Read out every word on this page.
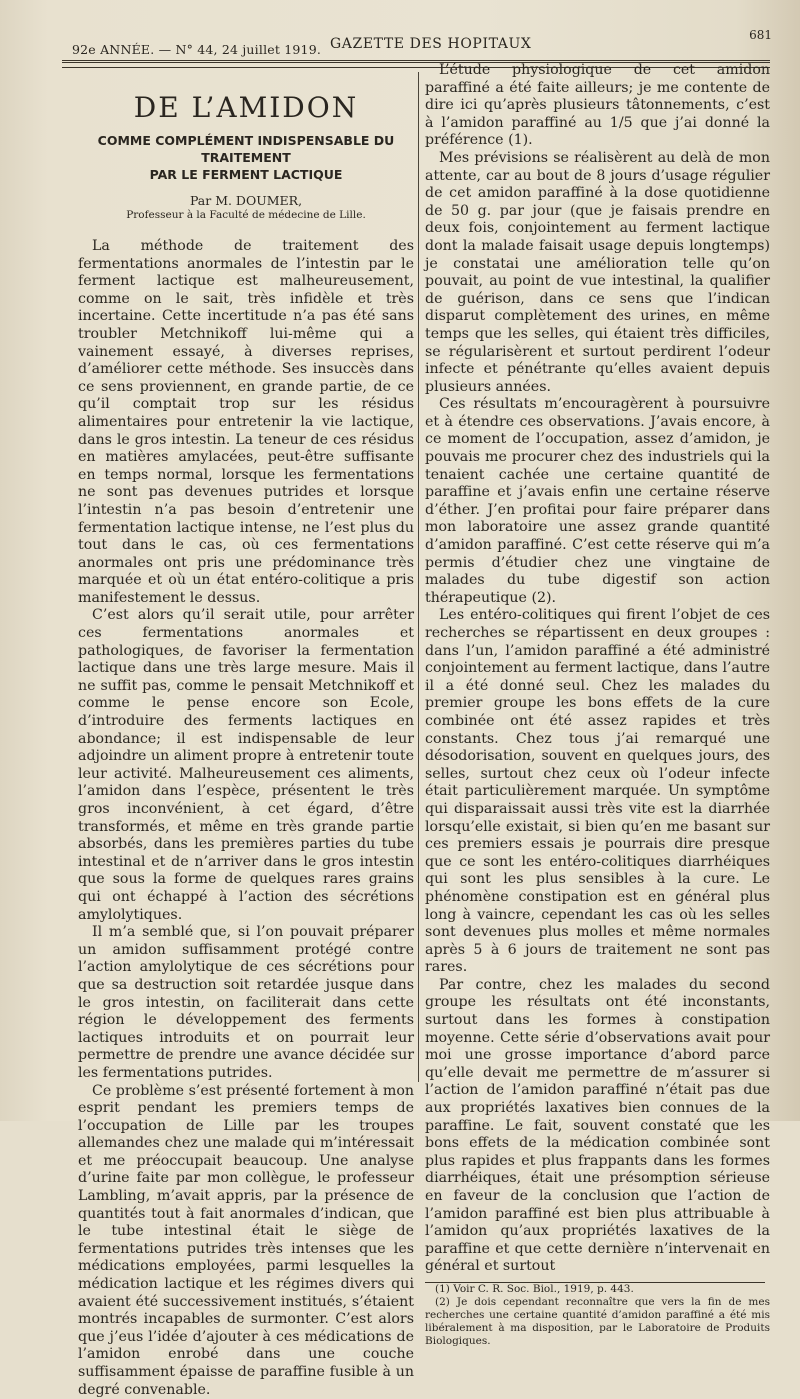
92e ANNÉE. — N° 44, 24 juillet 1919. GAZETTE DES HOPITAUX
681
DE L’AMIDON
COMME COMPLÉMENT INDISPENSABLE DU TRAITEMENT
PAR LE FERMENT LACTIQUE
Par M. DOUMER,
Professeur à la Faculté de médecine de Lille.

La méthode de traitement des fermentations anormales de l’intestin par le ferment lactique est malheureusement, comme on le sait, très infidèle et très incertaine. Cette incertitude n’a pas été sans troubler Metchnikoff lui-même qui a vainement essayé, à diverses reprises, d’améliorer cette méthode. Ses insuccès dans ce sens proviennent, en grande partie, de ce qu’il comptait trop sur les résidus alimentaires pour entretenir la vie lactique, dans le gros intestin. La teneur de ces résidus en matières amylacées, peut-être suffisante en temps normal, lorsque les fermentations ne sont pas devenues putrides et lorsque l’intestin n’a pas besoin d’entretenir une fermentation lactique intense, ne l’est plus du tout dans le cas, où ces fermentations anormales ont pris une prédominance très marquée et où un état entéro-colitique a pris manifestement le dessus.

C’est alors qu’il serait utile, pour arrêter ces fermentations anormales et pathologiques, de favoriser la fermentation lactique dans une très large mesure. Mais il ne suffit pas, comme le pensait Metchnikoff et comme le pense encore son Ecole, d’introduire des ferments lactiques en abondance; il est indispensable de leur adjoindre un aliment propre à entretenir toute leur activité. Malheureusement ces aliments, l’amidon dans l’espèce, présentent le très gros inconvénient, à cet égard, d’être transformés, et même en très grande partie absorbés, dans les premières parties du tube intestinal et de n’arriver dans le gros intestin que sous la forme de quelques rares grains qui ont échappé à l’action des sécrétions amylolytiques.

Il m’a semblé que, si l’on pouvait préparer un amidon suffisamment protégé contre l’action amylolytique de ces sécrétions pour que sa destruction soit retardée jusque dans le gros intestin, on faciliterait dans cette région le développement des ferments lactiques introduits et on pourrait leur permettre de prendre une avance décidée sur les fermentations putrides.

Ce problème s’est présenté fortement à mon esprit pendant les premiers temps de l’occupation de Lille par les troupes allemandes chez une malade qui m’intéressait et me préoccupait beaucoup. Une analyse d’urine faite par mon collègue, le professeur Lambling, m’avait appris, par la présence de quantités tout à fait anormales d’indican, que le tube intestinal était le siège de fermentations putrides très intenses que les médications employées, parmi lesquelles la médication lactique et les régimes divers qui avaient été successivement institués, s’étaient montrés incapables de surmonter. C’est alors que j’eus l’idée d’ajouter à ces médications de l’amidon enrobé dans une couche suffisamment épaisse de paraffine fusible à un degré convenable.

L’étude physiologique de cet amidon paraffiné a été faite ailleurs; je me contente de dire ici qu’après plusieurs tâtonnements, c’est à l’amidon paraffiné au 1/5 que j’ai donné la préférence (1).

Mes prévisions se réalisèrent au delà de mon attente, car au bout de 8 jours d’usage régulier de cet amidon paraffiné à la dose quotidienne de 50 g. par jour (que je faisais prendre en deux fois, conjointement au ferment lactique dont la malade faisait usage depuis longtemps) je constatai une amélioration telle qu’on pouvait, au point de vue intestinal, la qualifier de guérison, dans ce sens que l’indican disparut complètement des urines, en même temps que les selles, qui étaient très difficiles, se régularisèrent et surtout perdirent l’odeur infecte et pénétrante qu’elles avaient depuis plusieurs années.

Ces résultats m’encouragèrent à poursuivre et à étendre ces observations. J’avais encore, à ce moment de l’occupation, assez d’amidon, je pouvais me procurer chez des industriels qui la tenaient cachée une certaine quantité de paraffine et j’avais enfin une certaine réserve d’éther. J’en profitai pour faire préparer dans mon laboratoire une assez grande quantité d’amidon paraffiné. C’est cette réserve qui m’a permis d’étudier chez une vingtaine de malades du tube digestif son action thérapeutique (2).

Les entéro-colitiques qui firent l’objet de ces recherches se répartissent en deux groupes : dans l’un, l’amidon paraffiné a été administré conjointement au ferment lactique, dans l’autre il a été donné seul. Chez les malades du premier groupe les bons effets de la cure combinée ont été assez rapides et très constants. Chez tous j’ai remarqué une désodorisation, souvent en quelques jours, des selles, surtout chez ceux où l’odeur infecte était particulièrement marquée. Un symptôme qui disparaissait aussi très vite est la diarrhée lorsqu’elle existait, si bien qu’en me basant sur ces premiers essais je pourrais dire presque que ce sont les entéro-colitiques diarrhéiques qui sont les plus sensibles à la cure. Le phénomène constipation est en général plus long à vaincre, cependant les cas où les selles sont devenues plus molles et même normales après 5 à 6 jours de traitement ne sont pas rares.

Par contre, chez les malades du second groupe les résultats ont été inconstants, surtout dans les formes à constipation moyenne. Cette série d’observations avait pour moi une grosse importance d’abord parce qu’elle devait me permettre de m’assurer si l’action de l’amidon paraffiné n’était pas due aux propriétés laxatives bien connues de la paraffine. Le fait, souvent constaté que les bons effets de la médication combinée sont plus rapides et plus frappants dans les formes diarrhéiques, était une présomption sérieuse en faveur de la conclusion que l’action de l’amidon paraffiné est bien plus attribuable à l’amidon qu’aux propriétés laxatives de la paraffine et que cette dernière n’intervenait en général et surtout

(1) Voir C. R. Soc. Biol., 1919, p. 443.

(2) Je dois cependant reconnaître que vers la fin de mes recherches une certaine quantité d’amidon paraffiné a été mis libéralement à ma disposition, par le Laboratoire de Produits Biologiques.
